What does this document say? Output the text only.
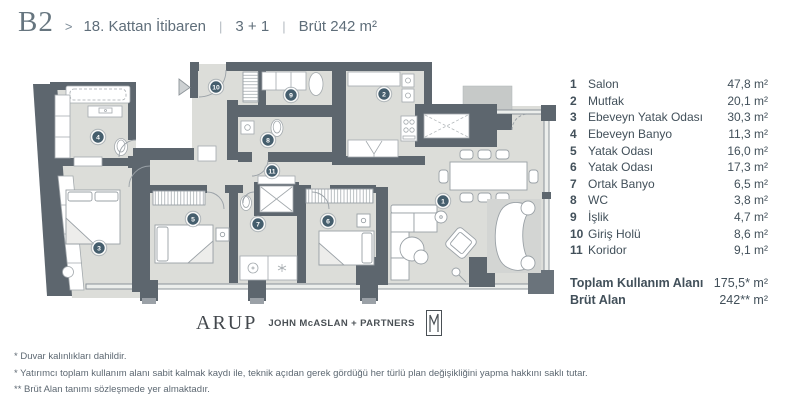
B2 > 18. Kattan İtibaren | 3 + 1 | Brüt 242 m²
1
2
3
4
5	6
7
8
9
10
11
1 Salon	47,8 m²
2 Mutfak	20,1 m²
3 Ebeveyn Yatak Odası	30,3 m²
4 Ebeveyn Banyo	11,3 m²
5 Yatak Odası	16,0 m²
6 Yatak Odası	17,3 m²
7 Ortak Banyo	6,5 m²
8 WC	3,8 m²
9 İşlik	4,7 m²
10 Giriş Holü	8,6 m²
11 Koridor	9,1 m²
Toplam Kullanım Alanı 175,5* m²
Brüt Alan	242** m²
ARUP JOHN McASLAN + PARTNERS
* Duvar kalınlıkları dahildir.
* Yatırımcı toplam kullanım alanı sabit kalmak kaydı ile, teknik açıdan gerek gördüğü her türlü plan değişikliğini yapma hakkını saklı tutar.
** Brüt Alan tanımı sözleşmede yer almaktadır.
